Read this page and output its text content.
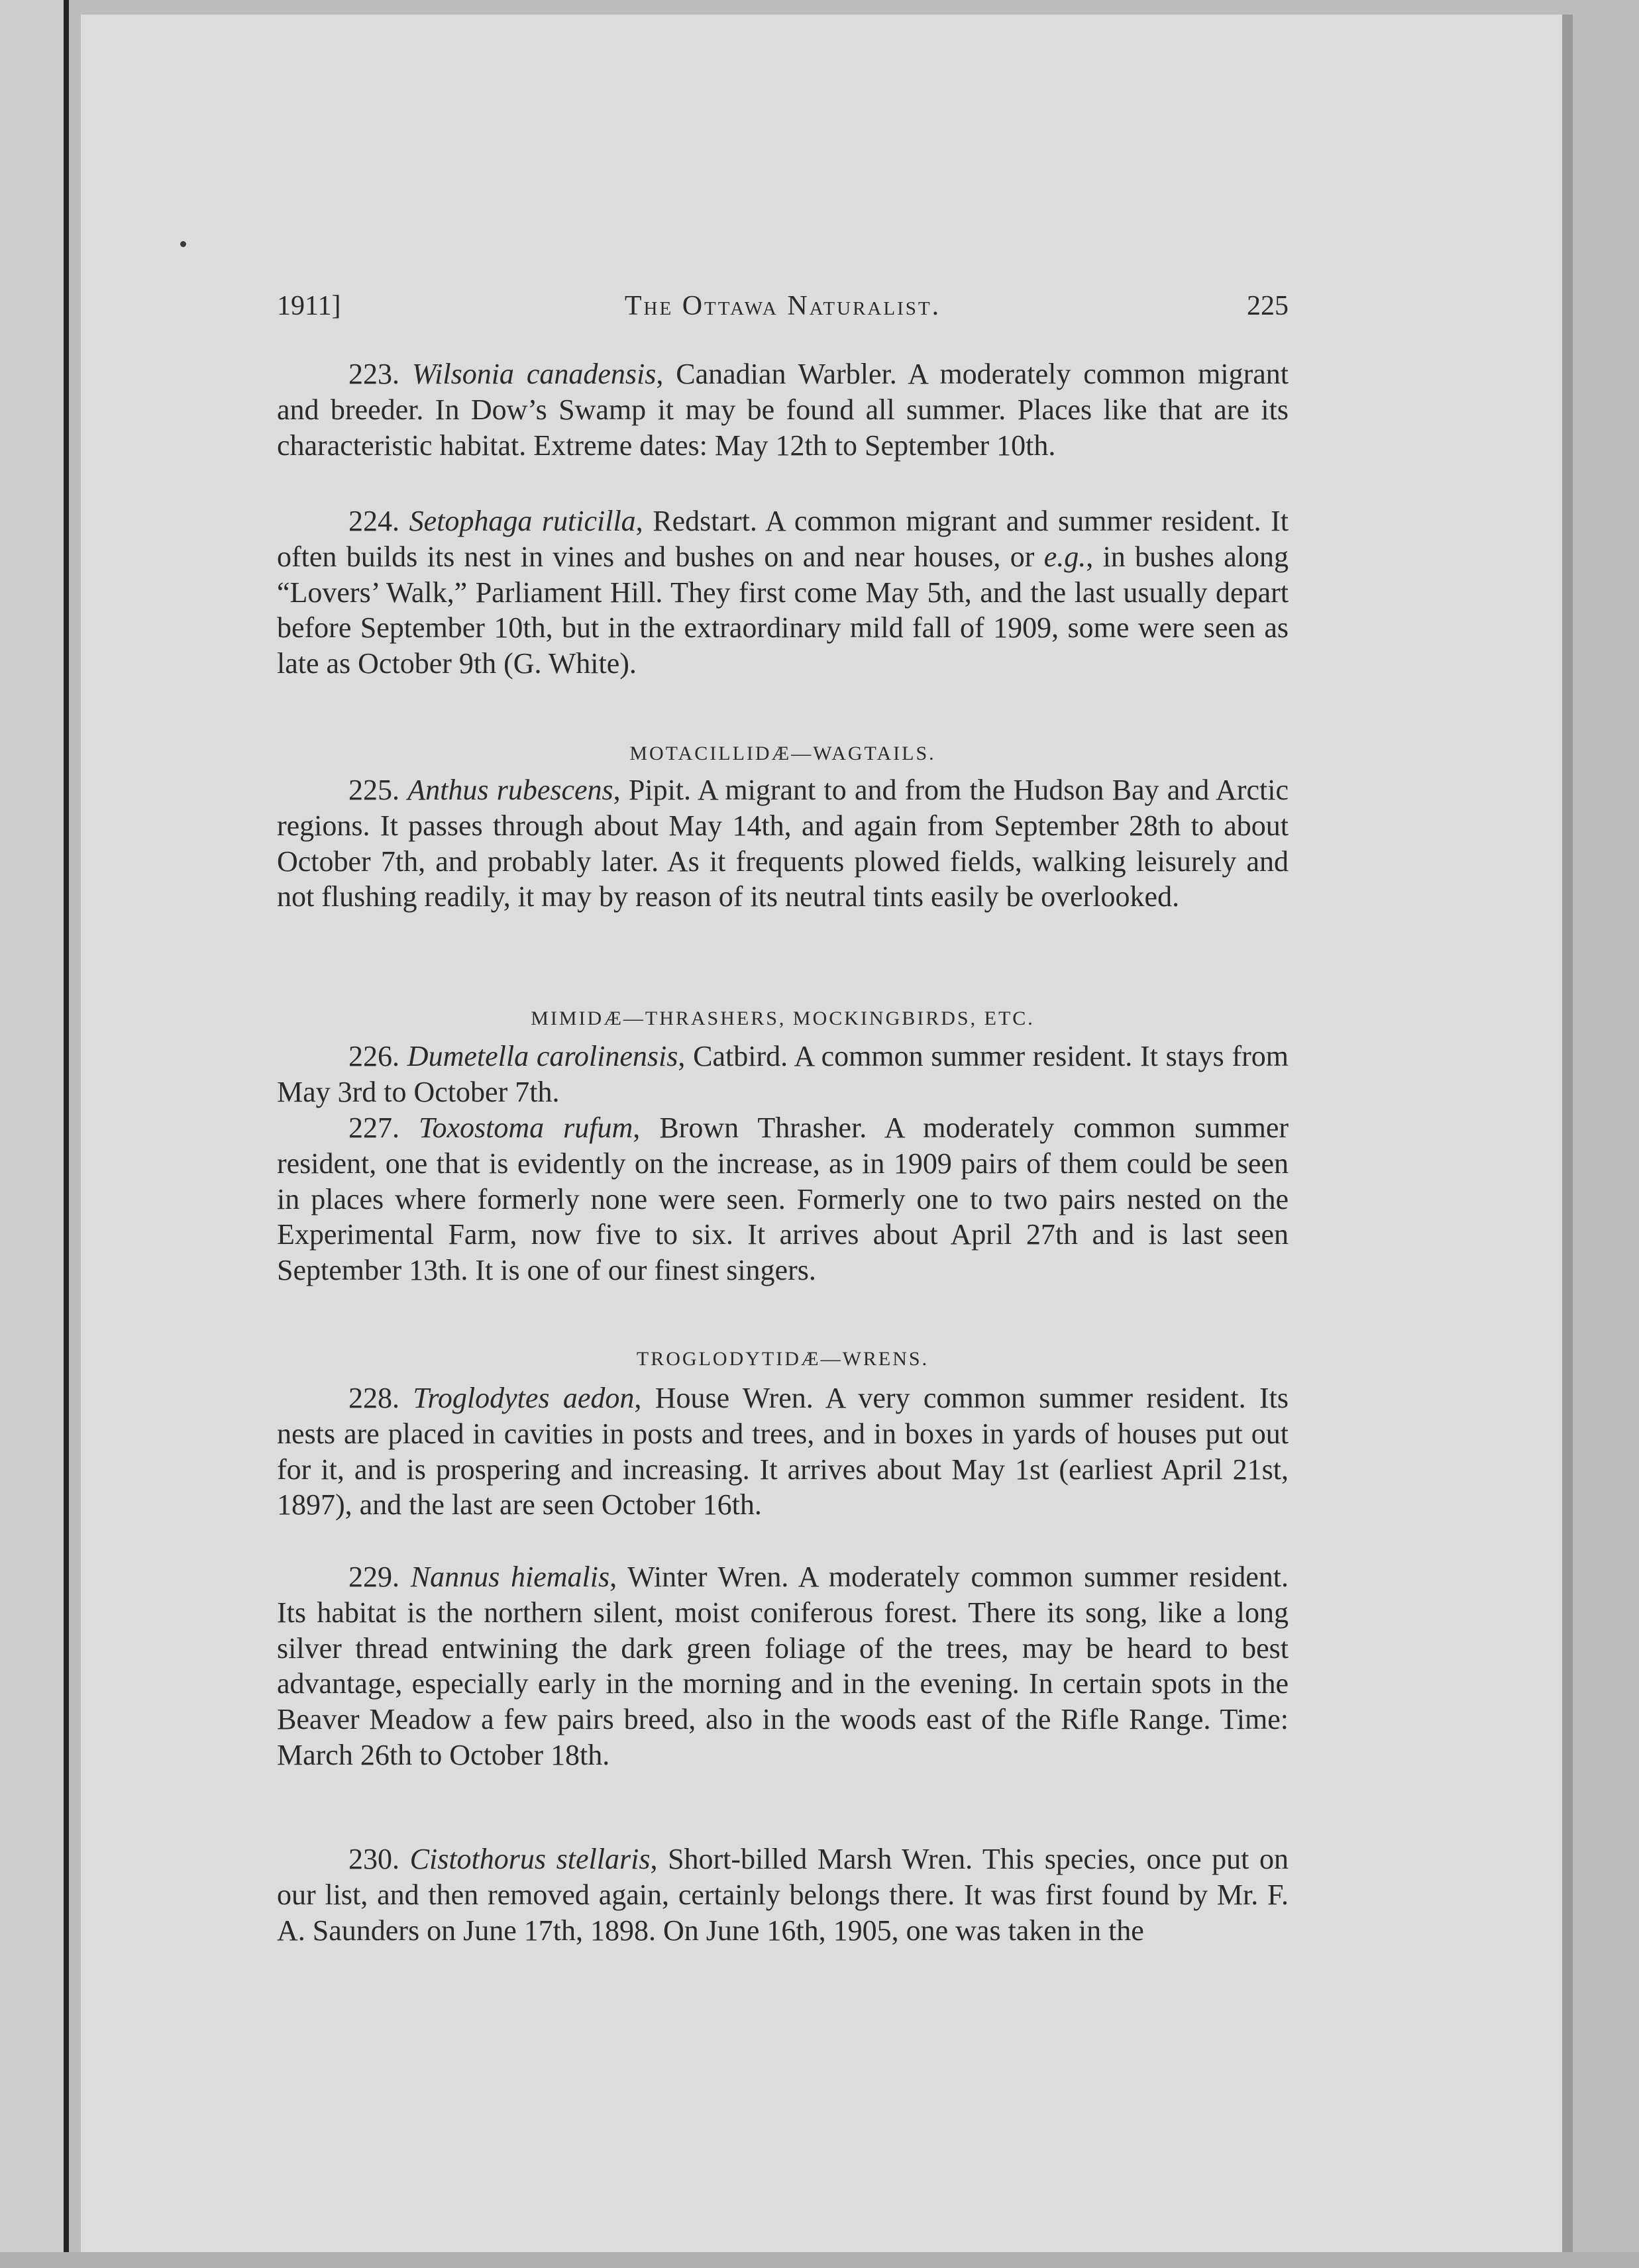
1911]	The Ottawa Naturalist.	225

223. Wilsonia canadensis, Canadian Warbler. A moderately common migrant and breeder. In Dow’s Swamp it may be found all summer. Places like that are its characteristic habitat. Extreme dates: May 12th to September 10th.

224. Setophaga ruticilla, Redstart. A common migrant and summer resident. It often builds its nest in vines and bushes on and near houses, or e.g., in bushes along “Lovers’ Walk,” Parliament Hill. They first come May 5th, and the last usually depart before September 10th, but in the extraordinary mild fall of 1909, some were seen as late as October 9th (G. White).

MOTACILLIDÆ—WAGTAILS.

225. Anthus rubescens, Pipit. A migrant to and from the Hudson Bay and Arctic regions. It passes through about May 14th, and again from September 28th to about October 7th, and probably later. As it frequents plowed fields, walking leisurely and not flushing readily, it may by reason of its neutral tints easily be overlooked.

MIMIDÆ—THRASHERS, MOCKINGBIRDS, ETC.

226. Dumetella carolinensis, Catbird. A common summer resident. It stays from May 3rd to October 7th.

227. Toxostoma rufum, Brown Thrasher. A moderately common summer resident, one that is evidently on the increase, as in 1909 pairs of them could be seen in places where formerly none were seen. Formerly one to two pairs nested on the Experimental Farm, now five to six. It arrives about April 27th and is last seen September 13th. It is one of our finest singers.

TROGLODYTIDÆ—WRENS.

228. Troglodytes aedon, House Wren. A very common summer resident. Its nests are placed in cavities in posts and trees, and in boxes in yards of houses put out for it, and is prospering and increasing. It arrives about May 1st (earliest April 21st, 1897), and the last are seen October 16th.

229. Nannus hiemalis, Winter Wren. A moderately common summer resident. Its habitat is the northern silent, moist coniferous forest. There its song, like a long silver thread entwining the dark green foliage of the trees, may be heard to best advantage, especially early in the morning and in the evening. In certain spots in the Beaver Meadow a few pairs breed, also in the woods east of the Rifle Range. Time: March 26th to October 18th.

230. Cistothorus stellaris, Short-billed Marsh Wren. This species, once put on our list, and then removed again, certainly belongs there. It was first found by Mr. F. A. Saunders on June 17th, 1898. On June 16th, 1905, one was taken in the
